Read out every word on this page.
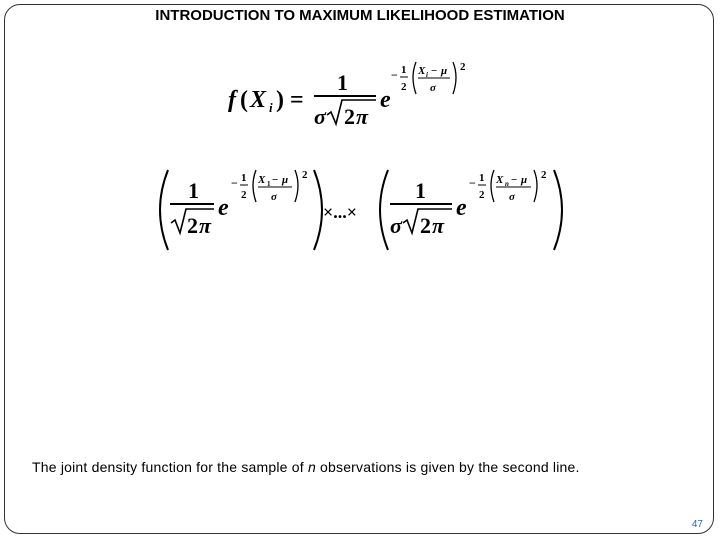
INTRODUCTION TO MAXIMUM LIKELIHOOD ESTIMATION
f ( X i ) =
1
σ 2 π
e
− 1
2
X i − μ
σ
2
1
2 π
e
− 1
2
X 1 − μ
σ
2
×...×
1
σ 2 π
e
− 1
2
X n − μ
σ
2
The joint density function for the sample of n observations is given by the second line.
47
